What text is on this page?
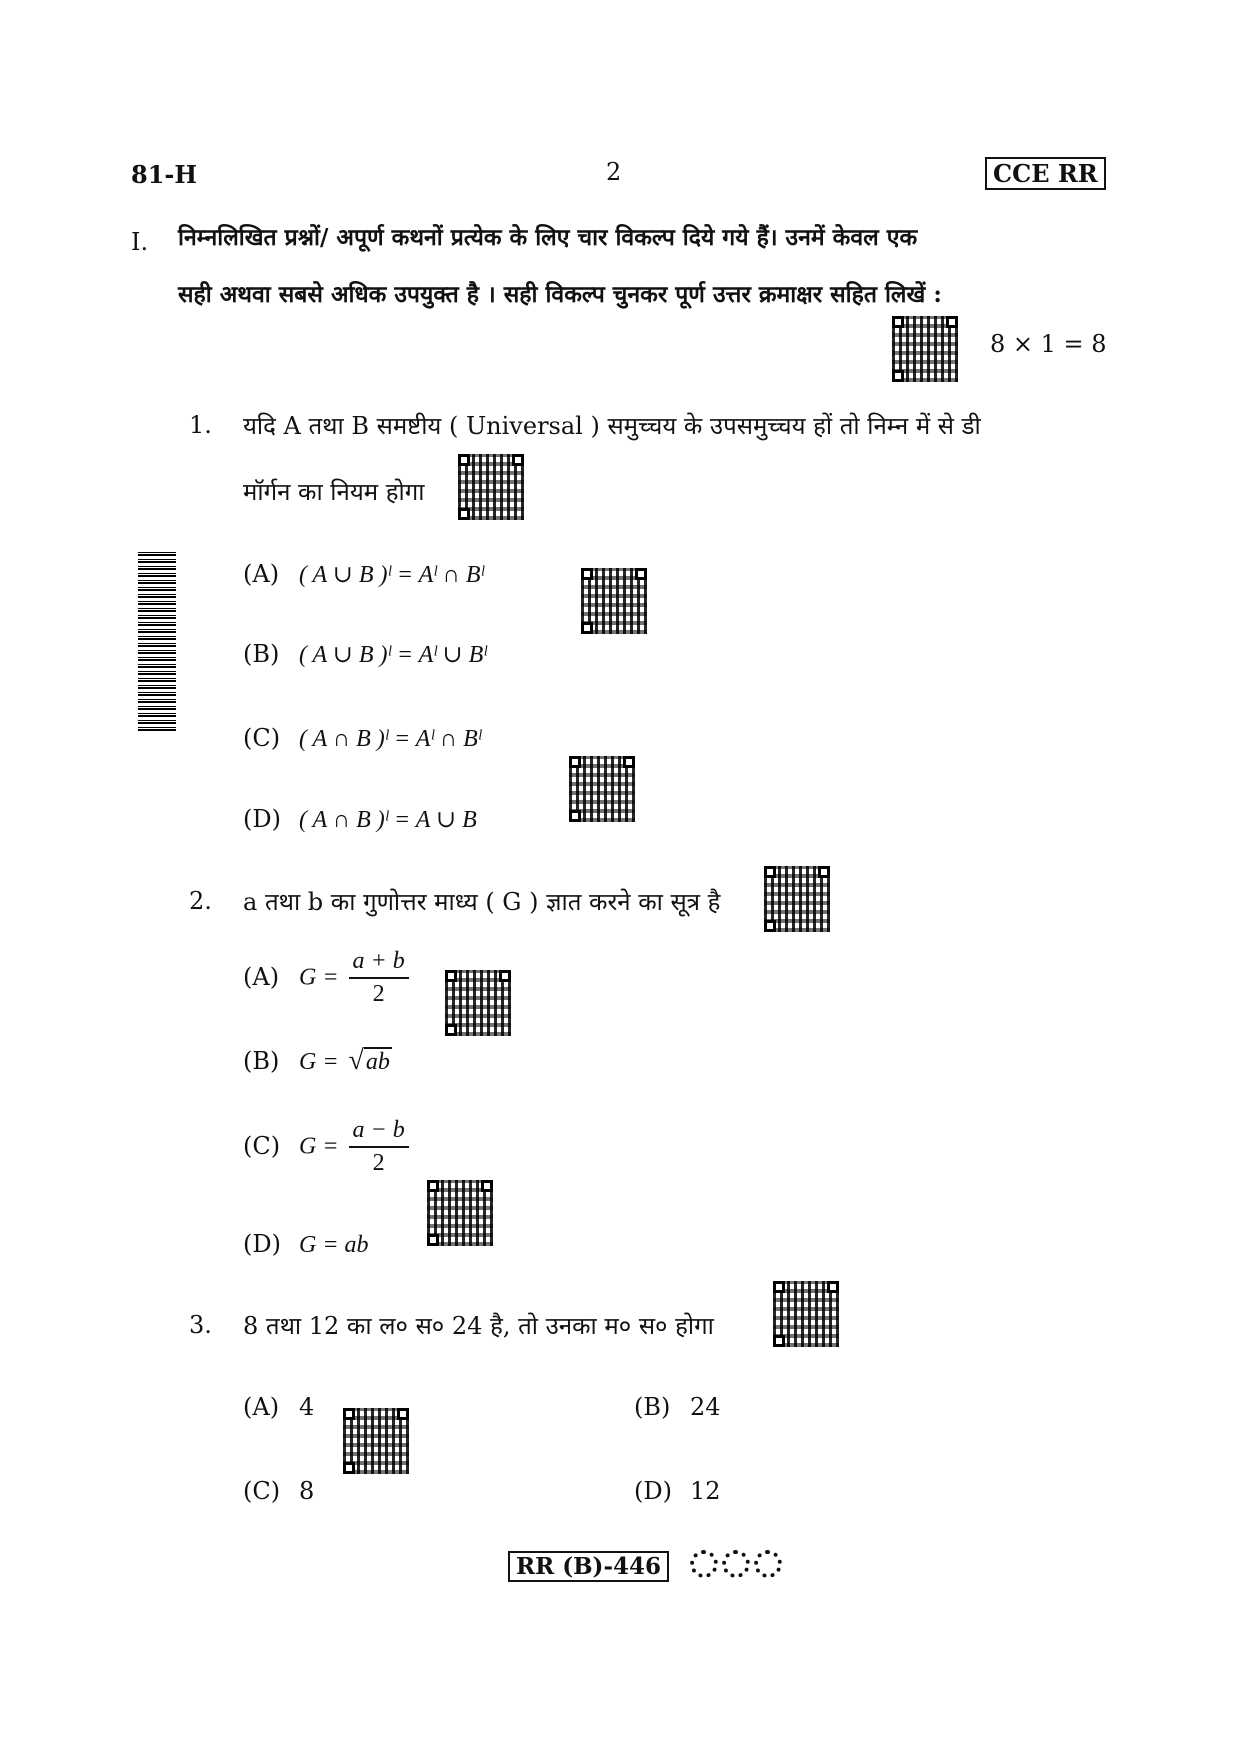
81-H	2	CCE RR
I. निम्नलिखित प्रश्नों/ अपूर्ण कथनों प्रत्येक के लिए चार विकल्प दिये गये हैं। उनमें केवल एक
सही अथवा सबसे अधिक उपयुक्त है । सही विकल्प चुनकर पूर्ण उत्तर क्रमाक्षर सहित लिखें :
8 × 1 = 8
1. यदि A तथा B समष्टीय ( Universal ) समुच्चय के उपसमुच्चय हों तो निम्न में से डी
मॉर्गन का नियम होगा
(A) ( A ∪ B )ˡ = Aˡ ∩ Bˡ
(B) ( A ∪ B )ˡ = Aˡ ∪ Bˡ
(C) ( A ∩ B )ˡ = Aˡ ∩ Bˡ
(D) ( A ∩ B )ˡ = A ∪ B
2. a तथा b का गुणोत्तर माध्य ( G ) ज्ञात करने का सूत्र है
(A) $G = \frac{a + b}{2}$
(B) G = √ab
(C) $G = \frac{a - b}{2}$
(D) G = ab
3. 8 तथा 12 का ल० स० 24 है, तो उनका म० स० होगा
(A) 4	(B) 24
(C) 8	(D) 12
RR (B)-446
